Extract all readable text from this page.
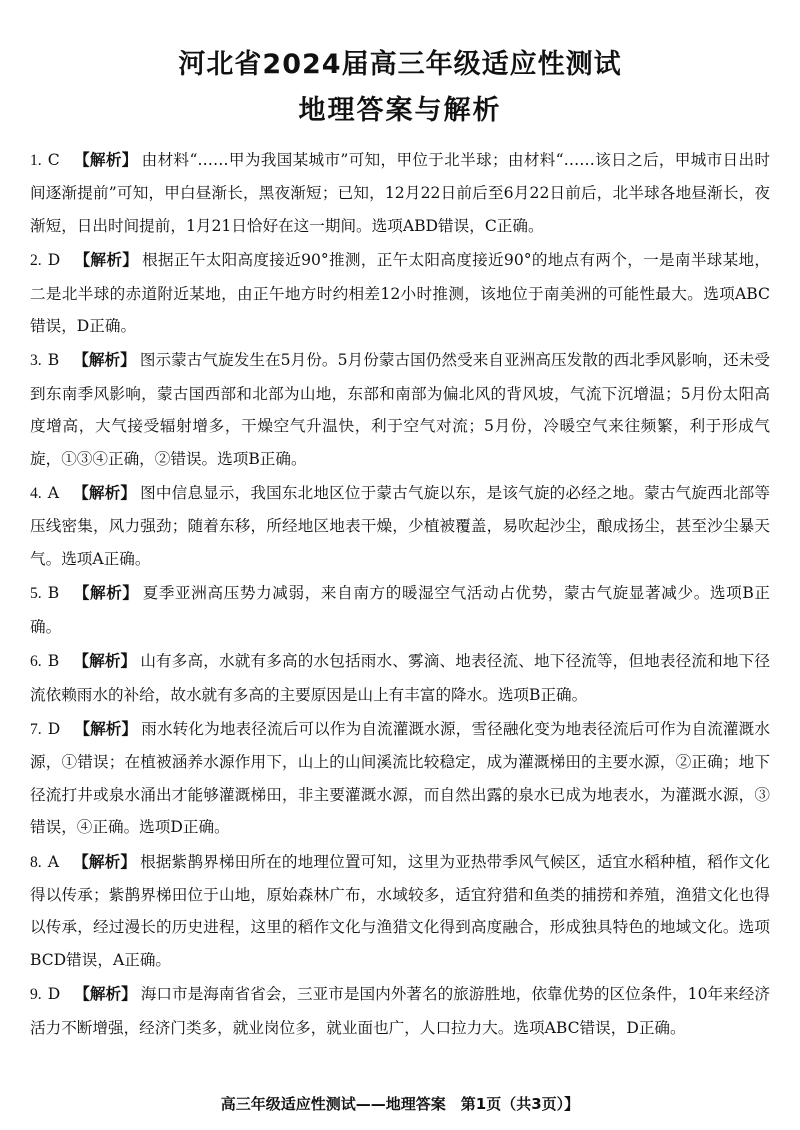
河北省2024届高三年级适应性测试
地理答案与解析
1. C 【解析】 由材料“……甲为我国某城市”可知，甲位于北半球；由材料“……该日之后，甲城市日出时间逐渐提前”可知，甲白昼渐长，黑夜渐短；已知，12月22日前后至6月22日前后，北半球各地昼渐长，夜渐短，日出时间提前，1月21日恰好在这一期间。选项ABD错误，C正确。
2. D 【解析】 根据正午太阳高度接近90°推测，正午太阳高度接近90°的地点有两个，一是南半球某地，二是北半球的赤道附近某地，由正午地方时约相差12小时推测，该地位于南美洲的可能性最大。选项ABC错误，D正确。
3. B 【解析】 图示蒙古气旋发生在5月份。5月份蒙古国仍然受来自亚洲高压发散的西北季风影响，还未受到东南季风影响，蒙古国西部和北部为山地，东部和南部为偏北风的背风坡，气流下沉增温；5月份太阳高度增高，大气接受辐射增多，干燥空气升温快，利于空气对流；5月份，冷暖空气来往频繁，利于形成气旋，①③④正确，②错误。选项B正确。
4. A 【解析】 图中信息显示，我国东北地区位于蒙古气旋以东，是该气旋的必经之地。蒙古气旋西北部等压线密集，风力强劲；随着东移，所经地区地表干燥，少植被覆盖，易吹起沙尘，酿成扬尘，甚至沙尘暴天气。选项A正确。
5. B 【解析】 夏季亚洲高压势力减弱，来自南方的暖湿空气活动占优势，蒙古气旋显著减少。选项B正确。
6. B 【解析】 山有多高，水就有多高的水包括雨水、雾滴、地表径流、地下径流等，但地表径流和地下径流依赖雨水的补给，故水就有多高的主要原因是山上有丰富的降水。选项B正确。
7. D 【解析】 雨水转化为地表径流后可以作为自流灌溉水源，雪径融化变为地表径流后可作为自流灌溉水源，①错误；在植被涵养水源作用下，山上的山间溪流比较稳定，成为灌溉梯田的主要水源，②正确；地下径流打井或泉水涌出才能够灌溉梯田，非主要灌溉水源，而自然出露的泉水已成为地表水，为灌溉水源，③错误，④正确。选项D正确。
8. A 【解析】 根据紫鹊界梯田所在的地理位置可知，这里为亚热带季风气候区，适宜水稻种植，稻作文化得以传承；紫鹊界梯田位于山地，原始森林广布，水域较多，适宜狩猎和鱼类的捕捞和养殖，渔猎文化也得以传承，经过漫长的历史进程，这里的稻作文化与渔猎文化得到高度融合，形成独具特色的地域文化。选项BCD错误，A正确。
9. D 【解析】 海口市是海南省省会，三亚市是国内外著名的旅游胜地，依靠优势的区位条件，10年来经济活力不断增强，经济门类多，就业岗位多，就业面也广，人口拉力大。选项ABC错误，D正确。
高三年级适应性测试——地理答案　第1页（共3页）】
